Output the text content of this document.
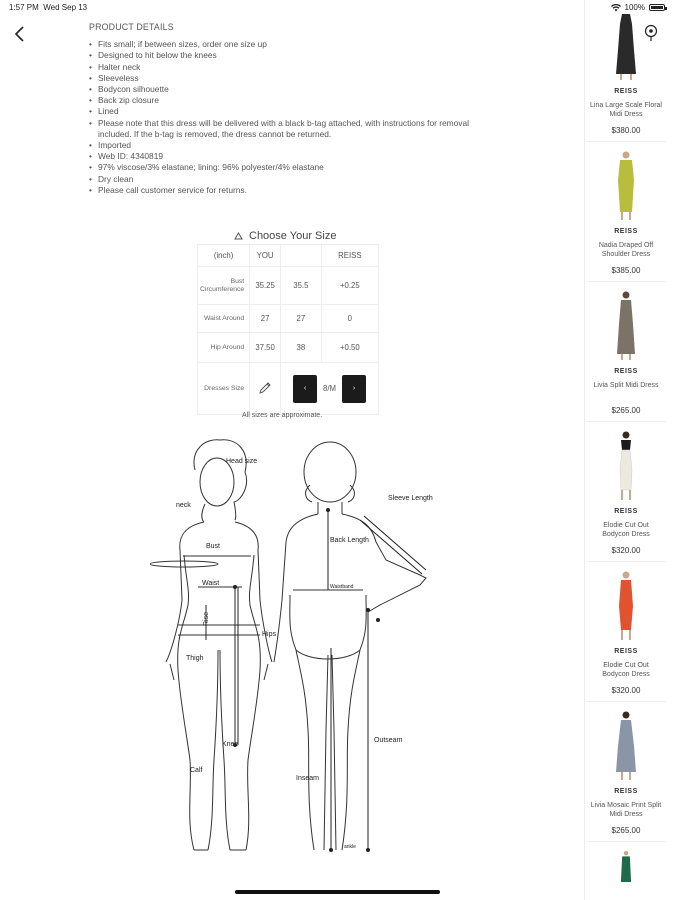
1:57 PM Wed Sep 13	100%
PRODUCT DETAILS
• Fits small; if between sizes, order one size up
• Designed to hit below the knees
• Halter neck
• Sleeveless
• Bodycon silhouette
• Back zip closure
• Lined
• Please note that this dress will be delivered with a black b-tag attached, with instructions for removal included. If the b-tag is removed, the dress cannot be returned.
• Imported
• Web ID: 4340819
• 97% viscose/3% elastane; lining: 96% polyester/4% elastane
• Dry clean
• Please call customer service for returns.
Choose Your Size
(inch)	YOU		REISS
Bust Circumference	35.25	35.5	+0.25
Waist Around	27	27	0
Hip Around	37.50	38	+0.50
Dresses Size		‹ 8/M ›	
All sizes are approximate.
Head size
neck
Bust
Waist
Rise
Hips
Thigh
Knee
Calf
Sleeve Length
Back Length
Waistband
Outseam
Inseam
ankle
REISS
Lina Large Scale Floral Midi Dress
$380.00
REISS
Nadia Draped Off Shoulder Dress
$385.00
REISS
Livia Split Midi Dress
$265.00
REISS
Elodie Cut Out Bodycon Dress
$320.00
REISS
Elodie Cut Out Bodycon Dress
$320.00
REISS
Livia Mosaic Print Split Midi Dress
$265.00
